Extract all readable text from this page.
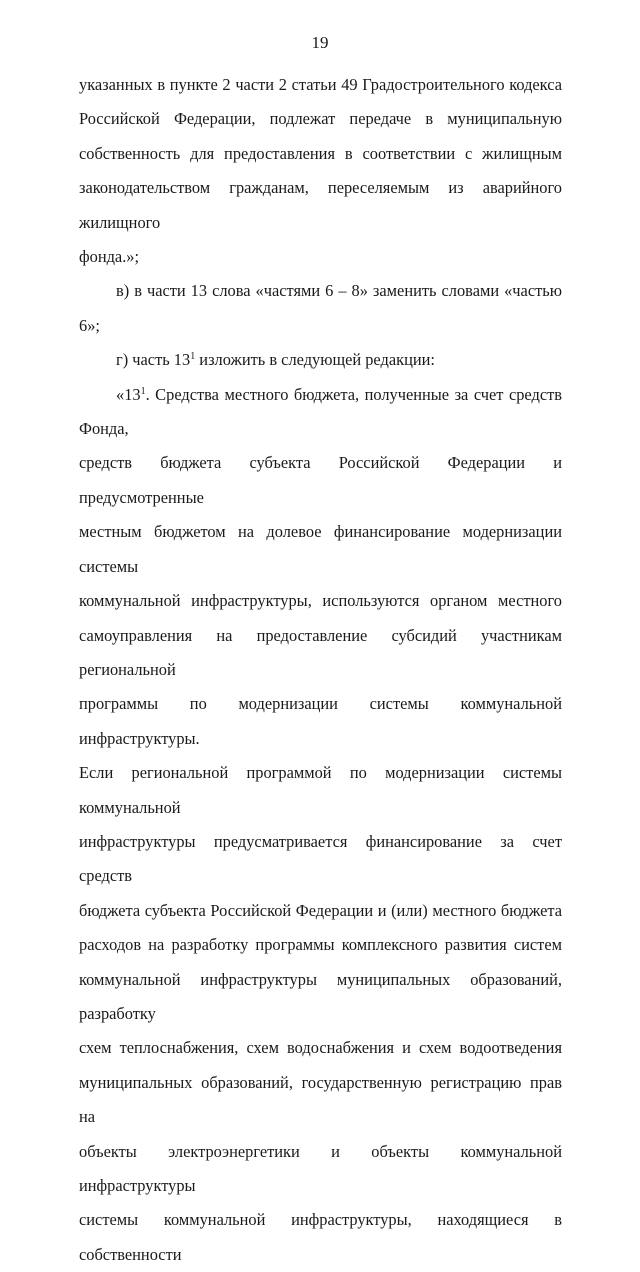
19

указанных в пункте 2 части 2 статьи 49 Градостроительного кодекса

Российской Федерации, подлежат передаче в муниципальную

собственность для предоставления в соответствии с жилищным

законодательством гражданам, переселяемым из аварийного жилищного

фонда.»;

в) в части 13 слова «частями 6 – 8» заменить словами «частью 6»;

г) часть $13^1$ изложить в следующей редакции:

«$13^1$. Средства местного бюджета, полученные за счет средств Фонда,

средств бюджета субъекта Российской Федерации и предусмотренные

местным бюджетом на долевое финансирование модернизации системы

коммунальной инфраструктуры, используются органом местного

самоуправления на предоставление субсидий участникам региональной

программы по модернизации системы коммунальной инфраструктуры.

Если региональной программой по модернизации системы коммунальной

инфраструктуры предусматривается финансирование за счет средств

бюджета субъекта Российской Федерации и (или) местного бюджета

расходов на разработку программы комплексного развития систем

коммунальной инфраструктуры муниципальных образований, разработку

схем теплоснабжения, схем водоснабжения и схем водоотведения

муниципальных образований, государственную регистрацию прав на

объекты электроэнергетики и объекты коммунальной инфраструктуры

системы коммунальной инфраструктуры, находящиеся в собственности
